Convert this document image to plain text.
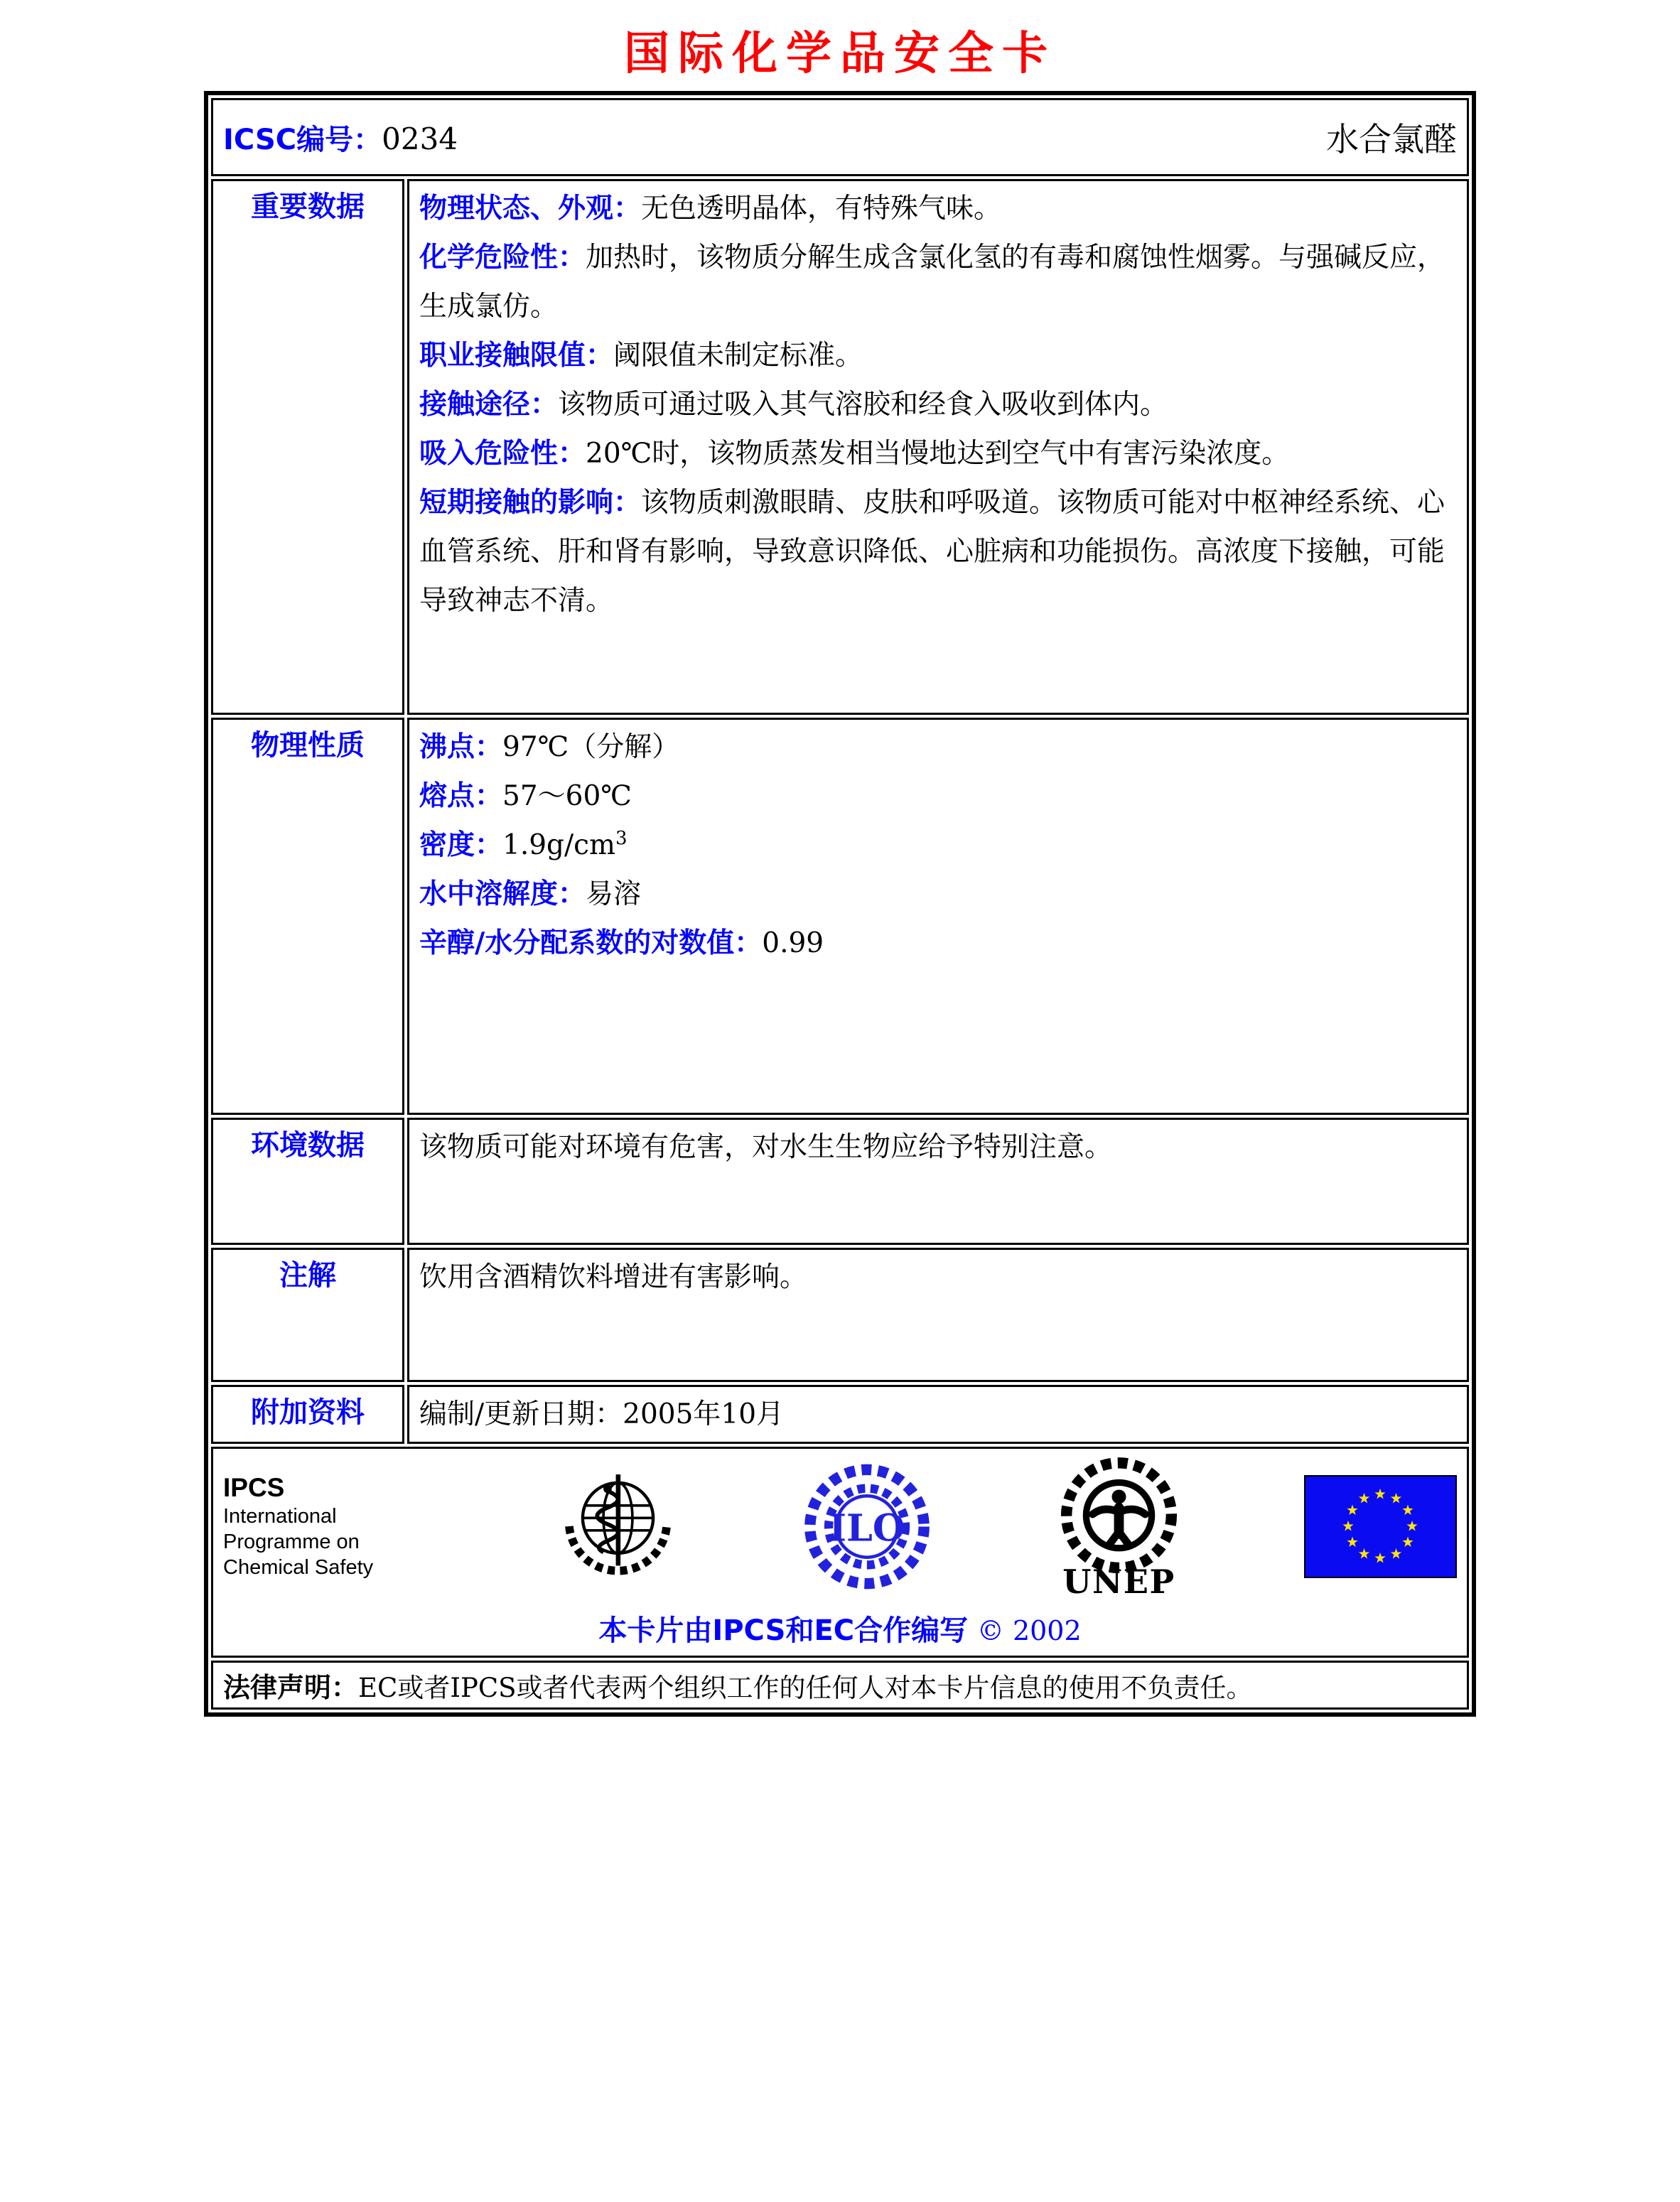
国际化学品安全卡
ICSC编号：0234 水合氯醛	

重要数据	物理状态、外观：无色透明晶体，有特殊气味。
化学危险性：加热时，该物质分解生成含氯化氢的有毒和腐蚀性烟雾。与强碱反应，生成氯仿。
职业接触限值：阈限值未制定标准。
接触途径：该物质可通过吸入其气溶胶和经食入吸收到体内。
吸入危险性：20℃时，该物质蒸发相当慢地达到空气中有害污染浓度。
短期接触的影响：该物质刺激眼睛、皮肤和呼吸道。该物质可能对中枢神经系统、心血管系统、肝和肾有影响，导致意识降低、心脏病和功能损伤。高浓度下接触，可能导致神志不清。

物理性质	沸点：97℃（分解）
熔点：57～60℃
密度：$1.9g/cm^3$
水中溶解度：易溶
辛醇/水分配系数的对数值：0.99

环境数据	该物质可能对环境有危害，对水生生物应给予特别注意。

注解	饮用含酒精饮料增进有害影响。

附加资料	编制/更新日期：2005年10月

IPCS
International
Programme on
Chemical Safety
ILO
UNEP
本卡片由IPCS和EC合作编写 © 2002

法律声明：EC或者IPCS或者代表两个组织工作的任何人对本卡片信息的使用不负责任。	
